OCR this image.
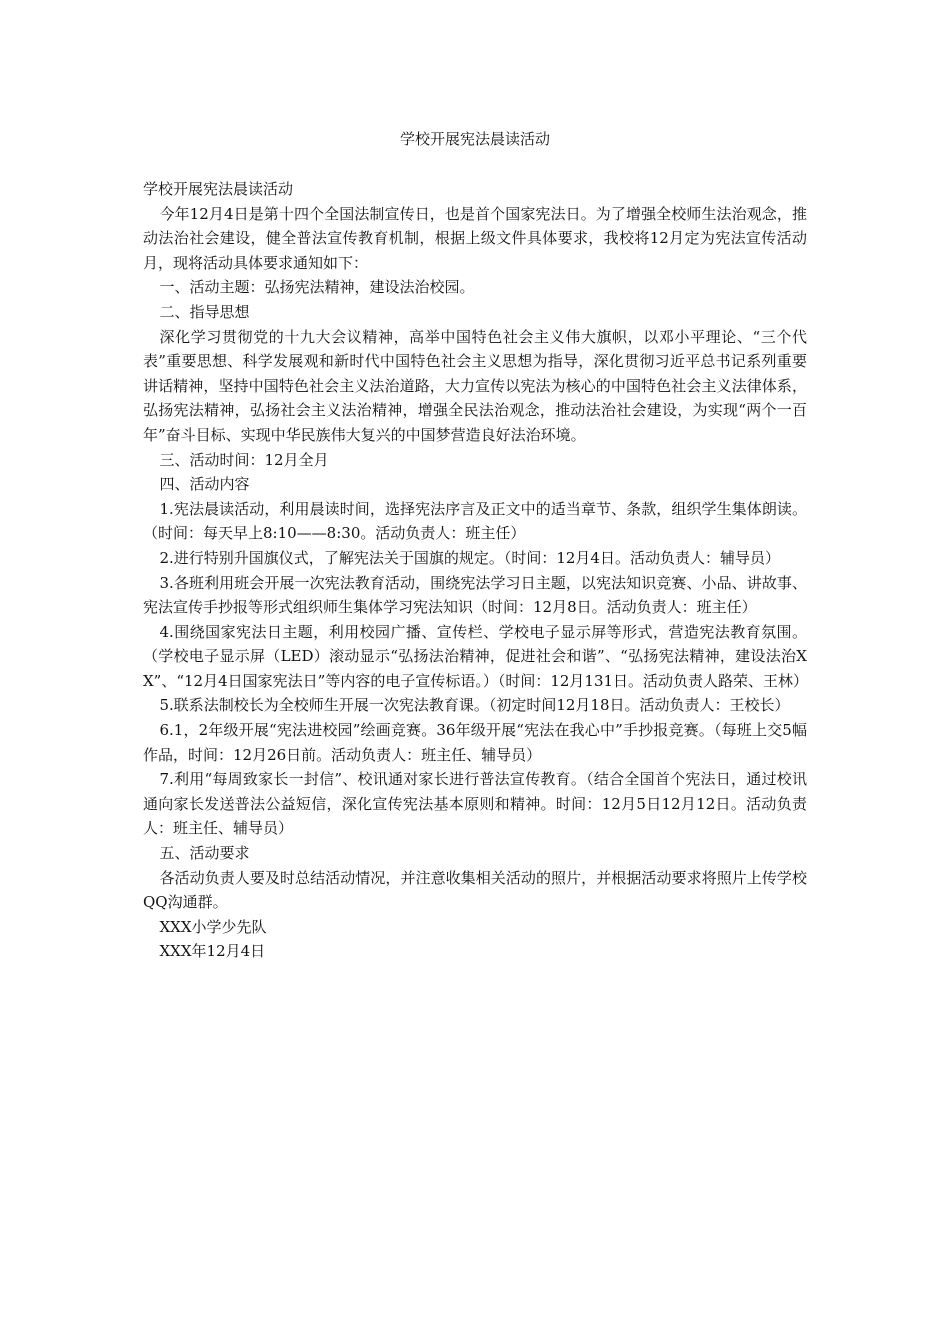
学校开展宪法晨读活动

学校开展宪法晨读活动

今年12月4日是第十四个全国法制宣传日，也是首个国家宪法日。为了增强全校师生法治观念，推动法治社会建设，健全普法宣传教育机制，根据上级文件具体要求，我校将12月定为宪法宣传活动月，现将活动具体要求通知如下：

一、活动主题：弘扬宪法精神，建设法治校园。

二、指导思想

深化学习贯彻党的十九大会议精神，高举中国特色社会主义伟大旗帜，以邓小平理论、“三个代表”重要思想、科学发展观和新时代中国特色社会主义思想为指导，深化贯彻习近平总书记系列重要讲话精神，坚持中国特色社会主义法治道路，大力宣传以宪法为核心的中国特色社会主义法律体系，弘扬宪法精神，弘扬社会主义法治精神，增强全民法治观念，推动法治社会建设，为实现“两个一百年”奋斗目标、实现中华民族伟大复兴的中国梦营造良好法治环境。

三、活动时间：12月全月

四、活动内容

1.宪法晨读活动，利用晨读时间，选择宪法序言及正文中的适当章节、条款，组织学生集体朗读。（时间：每天早上8:10——8:30。活动负责人：班主任）

2.进行特别升国旗仪式，了解宪法关于国旗的规定。（时间：12月4日。活动负责人：辅导员）

3.各班利用班会开展一次宪法教育活动，围绕宪法学习日主题，以宪法知识竞赛、小品、讲故事、宪法宣传手抄报等形式组织师生集体学习宪法知识（时间：12月8日。活动负责人：班主任）

4.围绕国家宪法日主题，利用校园广播、宣传栏、学校电子显示屏等形式，营造宪法教育氛围。（学校电子显示屏（LED）滚动显示“弘扬法治精神，促进社会和谐”、“弘扬宪法精神，建设法治XX”、“12月4日国家宪法日”等内容的电子宣传标语。）（时间：12月131日。活动负责人路荣、王林）

5.联系法制校长为全校师生开展一次宪法教育课。（初定时间12月18日。活动负责人：王校长）

6.1，2年级开展“宪法进校园”绘画竞赛。36年级开展“宪法在我心中”手抄报竞赛。（每班上交5幅作品，时间：12月26日前。活动负责人：班主任、辅导员）

7.利用“每周致家长一封信”、校讯通对家长进行普法宣传教育。（结合全国首个宪法日，通过校讯通向家长发送普法公益短信，深化宣传宪法基本原则和精神。时间：12月5日12月12日。活动负责人：班主任、辅导员）

五、活动要求

各活动负责人要及时总结活动情况，并注意收集相关活动的照片，并根据活动要求将照片上传学校QQ沟通群。

XXX小学少先队

XXX年12月4日
